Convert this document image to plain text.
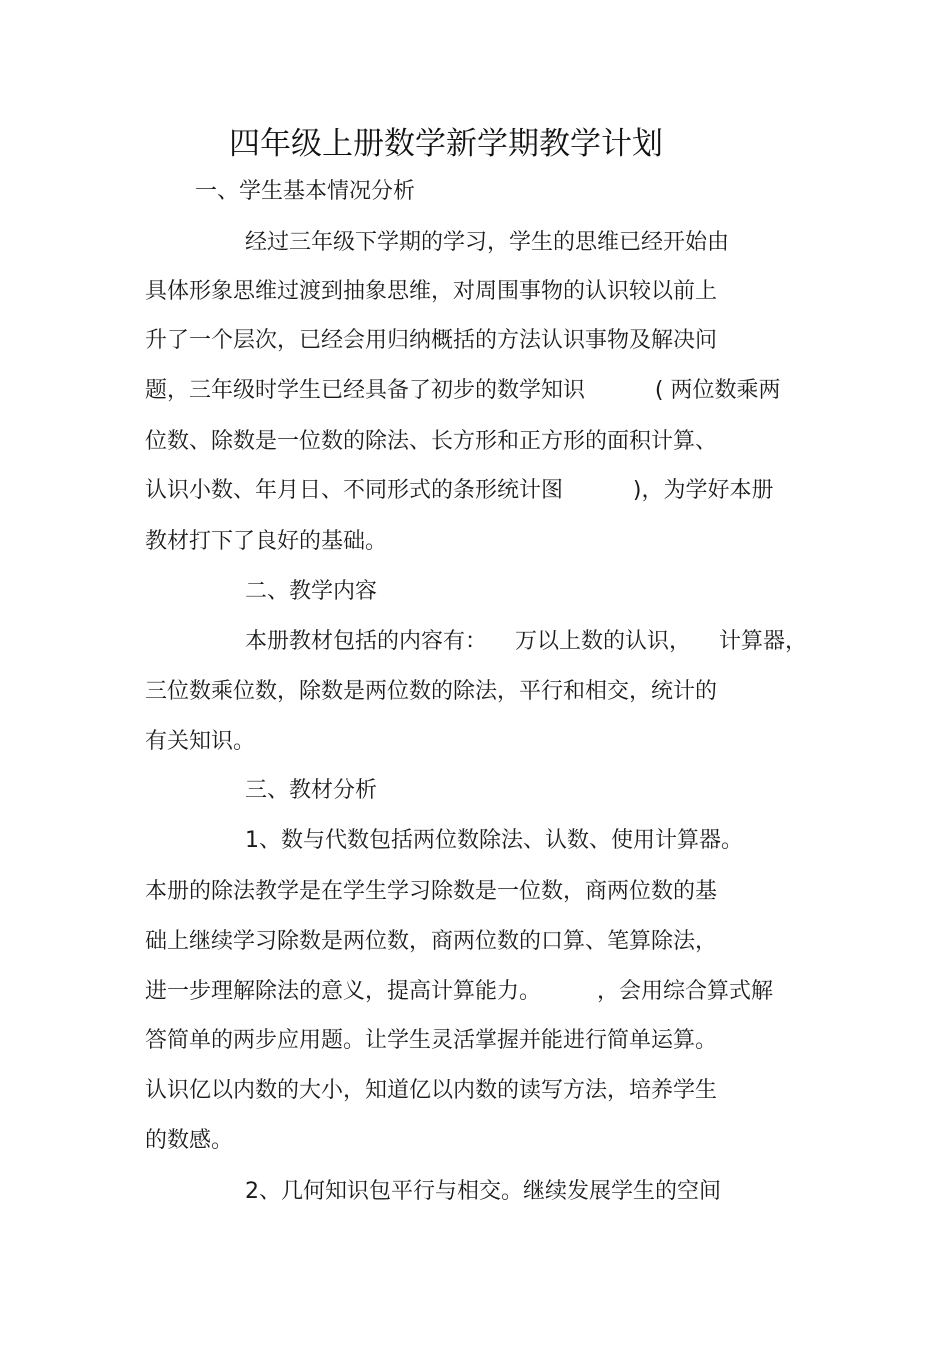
四年级上册数学新学期教学计划

一、学生基本情况分析

经过三年级下学期的学习，学生的思维已经开始由

具体形象思维过渡到抽象思维，对周围事物的认识较以前上

升了一个层次，已经会用归纳概括的方法认识事物及解决问

题，三年级时学生已经具备了初步的数学知识          ( 两位数乘两

位数、除数是一位数的除法、长方形和正方形的面积计算、

认识小数、年月日、不同形式的条形统计图          )，为学好本册

教材打下了良好的基础。

二、教学内容

本册教材包括的内容有：    万以上数的认识，    计算器，

三位数乘位数，除数是两位数的除法，平行和相交，统计的

有关知识。

三、教材分析

1、数与代数包括两位数除法、认数、使用计算器。

本册的除法教学是在学生学习除数是一位数，商两位数的基

础上继续学习除数是两位数，商两位数的口算、笔算除法，

进一步理解除法的意义，提高计算能力。        ，会用综合算式解

答简单的两步应用题。让学生灵活掌握并能进行简单运算。

认识亿以内数的大小，知道亿以内数的读写方法，培养学生

的数感。

2、几何知识包平行与相交。继续发展学生的空间
